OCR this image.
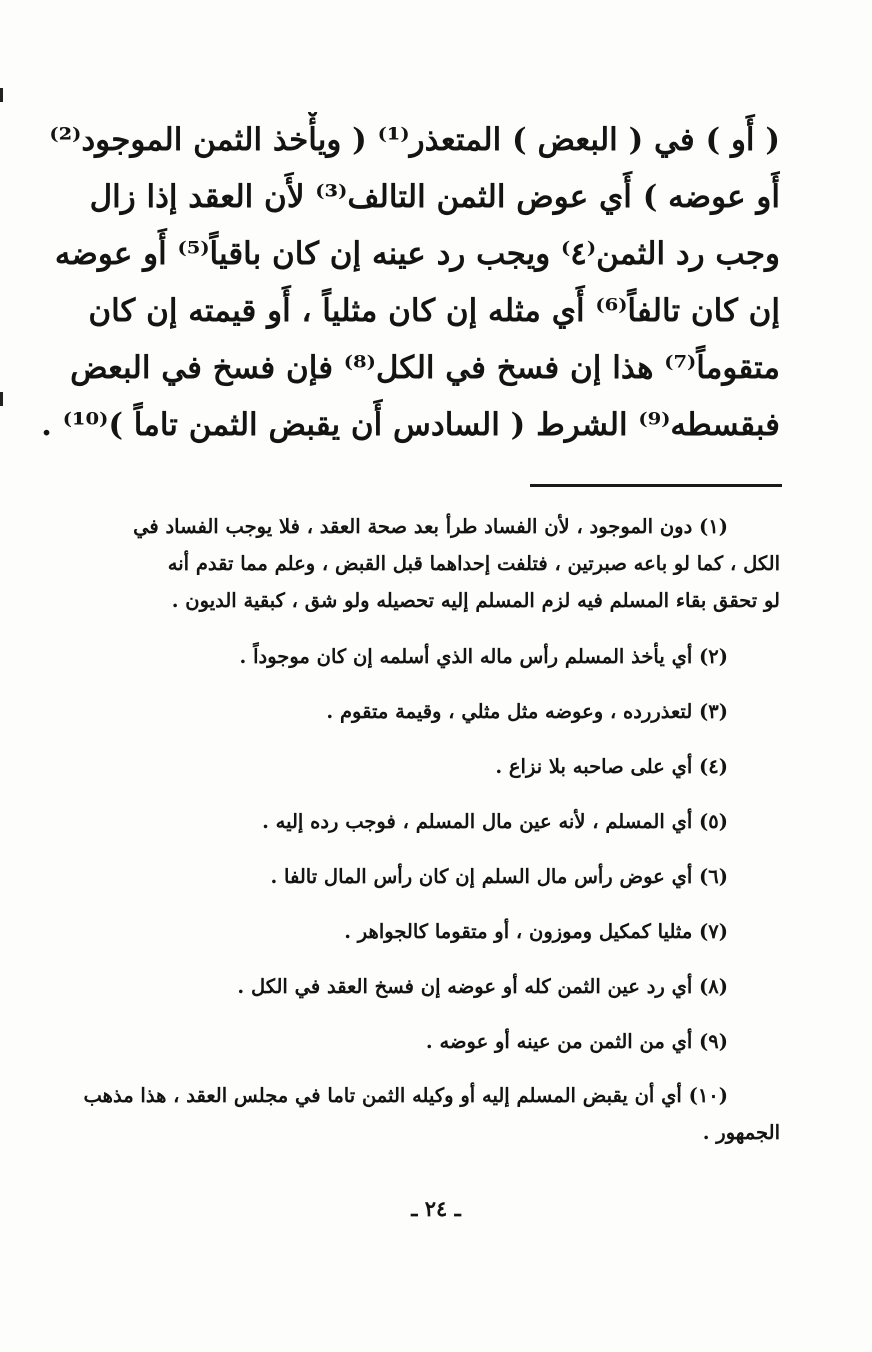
( أَو ) في ( البعض ) المتعذر⁽¹⁾ ( ويأْخذ الثمن الموجود⁽²⁾
أَو عوضه ) أَي عوض الثمن التالف⁽³⁾ لأَن العقد إذا زال
وجب رد الثمن⁽٤⁾ ويجب رد عينه إن كان باقياً⁽⁵⁾ أَو عوضه
إن كان تالفاً⁽⁶⁾ أَي مثله إن كان مثلياً ، أَو قيمته إن كان
متقوماً⁽⁷⁾ هذا إن فسخ في الكل⁽⁸⁾ فإن فسخ في البعض
فبقسطه⁽⁹⁾ الشرط ( السادس أَن يقبض الثمن تاماً )⁽¹⁰⁾ .
(١) دون الموجود ، لأن الفساد طرأ بعد صحة العقد ، فلا يوجب الفساد في
الكل ، كما لو باعه صبرتين ، فتلفت إحداهما قبل القبض ، وعلم مما تقدم أنه
لو تحقق بقاء المسلم فيه لزم المسلم إليه تحصيله ولو شق ، كبقية الديون .
(٢) أي يأخذ المسلم رأس ماله الذي أسلمه إن كان موجوداً .
(٣) لتعذررده ، وعوضه مثل مثلي ، وقيمة متقوم .
(٤) أي على صاحبه بلا نزاع .
(٥) أي المسلم ، لأنه عين مال المسلم ، فوجب رده إليه .
(٦) أي عوض رأس مال السلم إن كان رأس المال تالفا .
(٧) مثليا كمكيل وموزون ، أو متقوما كالجواهر .
(٨) أي رد عين الثمن كله أو عوضه إن فسخ العقد في الكل .
(٩) أي من الثمن من عينه أو عوضه .
(١٠) أي أن يقبض المسلم إليه أو وكيله الثمن تاما في مجلس العقد ، هذا مذهب
الجمهور .
ـ ٢٤ ـ
